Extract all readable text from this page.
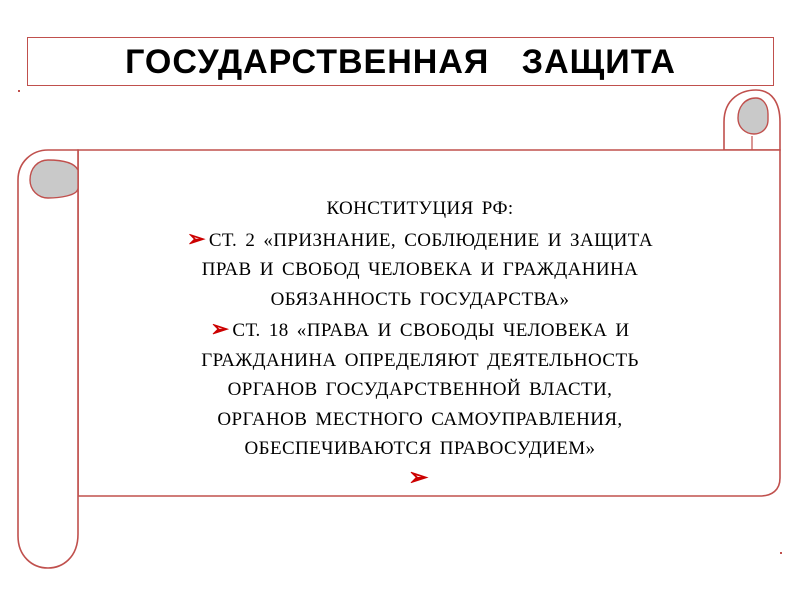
ГОСУДАРСТВЕННАЯ ЗАЩИТА
КОНСТИТУЦИЯ РФ:
➢ СТ. 2 «ПРИЗНАНИЕ, СОБЛЮДЕНИЕ И ЗАЩИТА
ПРАВ И СВОБОД ЧЕЛОВЕКА И ГРАЖДАНИНА
ОБЯЗАННОСТЬ ГОСУДАРСТВА»
➢ СТ. 18 «ПРАВА И СВОБОДЫ ЧЕЛОВЕКА И
ГРАЖДАНИНА ОПРЕДЕЛЯЮТ ДЕЯТЕЛЬНОСТЬ
ОРГАНОВ ГОСУДАРСТВЕННОЙ ВЛАСТИ,
ОРГАНОВ МЕСТНОГО САМОУПРАВЛЕНИЯ,
ОБЕСПЕЧИВАЮТСЯ ПРАВОСУДИЕМ»
➢
